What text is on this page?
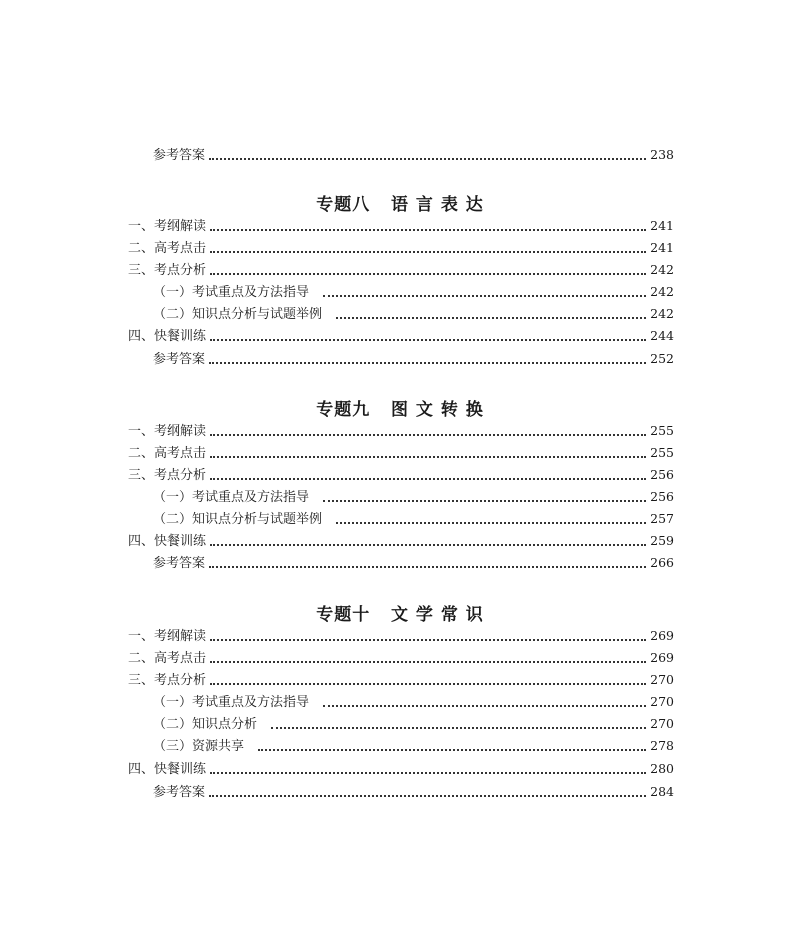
参考答案	238
专题八   语 言 表 达
一、考纲解读	241
二、高考点击	241
三、考点分析	242
（一）考试重点及方法指导	242
（二）知识点分析与试题举例	242
四、快餐训练	244
参考答案	252
专题九   图 文 转 换
一、考纲解读	255
二、高考点击	255
三、考点分析	256
（一）考试重点及方法指导	256
（二）知识点分析与试题举例	257
四、快餐训练	259
参考答案	266
专题十   文 学 常 识
一、考纲解读	269
二、高考点击	269
三、考点分析	270
（一）考试重点及方法指导	270
（二）知识点分析	270
（三）资源共享	278
四、快餐训练	280
参考答案	284
